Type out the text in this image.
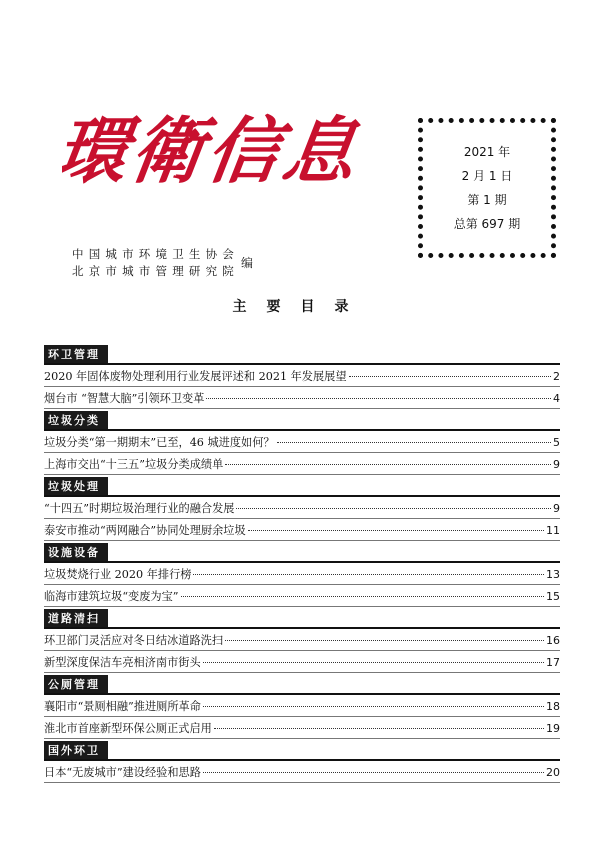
環衛信息	2021 年
2 月 1 日
第 1 期
总第 697 期
中国城市环境卫生协会
北京市城市管理研究院
编
主要目录
环卫管理
2020 年固体废物处理利用行业发展评述和 2021 年发展展望	2
烟台市 “智慧大脑”引领环卫变革	4
垃圾分类
垃圾分类“第一期期末”已至，46 城进度如何？	5
上海市交出“十三五”垃圾分类成绩单	9
垃圾处理
“十四五”时期垃圾治理行业的融合发展	9
泰安市推动“两网融合”协同处理厨余垃圾	11
设施设备
垃圾焚烧行业 2020 年排行榜	13
临海市建筑垃圾“变废为宝”	15
道路清扫
环卫部门灵活应对冬日结冰道路洗扫	16
新型深度保洁车亮相济南市街头	17
公厕管理
襄阳市“景厕相融”推进厕所革命	18
淮北市首座新型环保公厕正式启用	19
国外环卫
日本“无废城市”建设经验和思路	20
